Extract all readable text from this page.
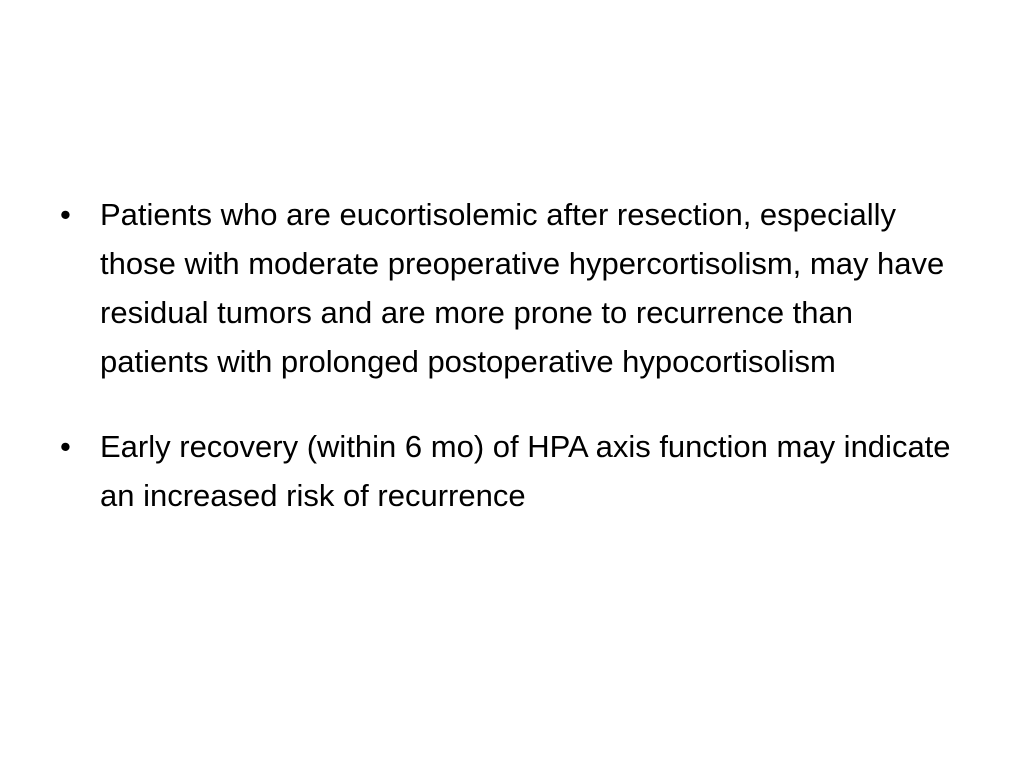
• Patients who are eucortisolemic after resection, especially those with moderate preoperative hypercortisolism, may have residual tumors and are more prone to recurrence than patients with prolonged postoperative hypocortisolism
• Early recovery (within 6 mo) of HPA axis function may indicate an increased risk of recurrence
